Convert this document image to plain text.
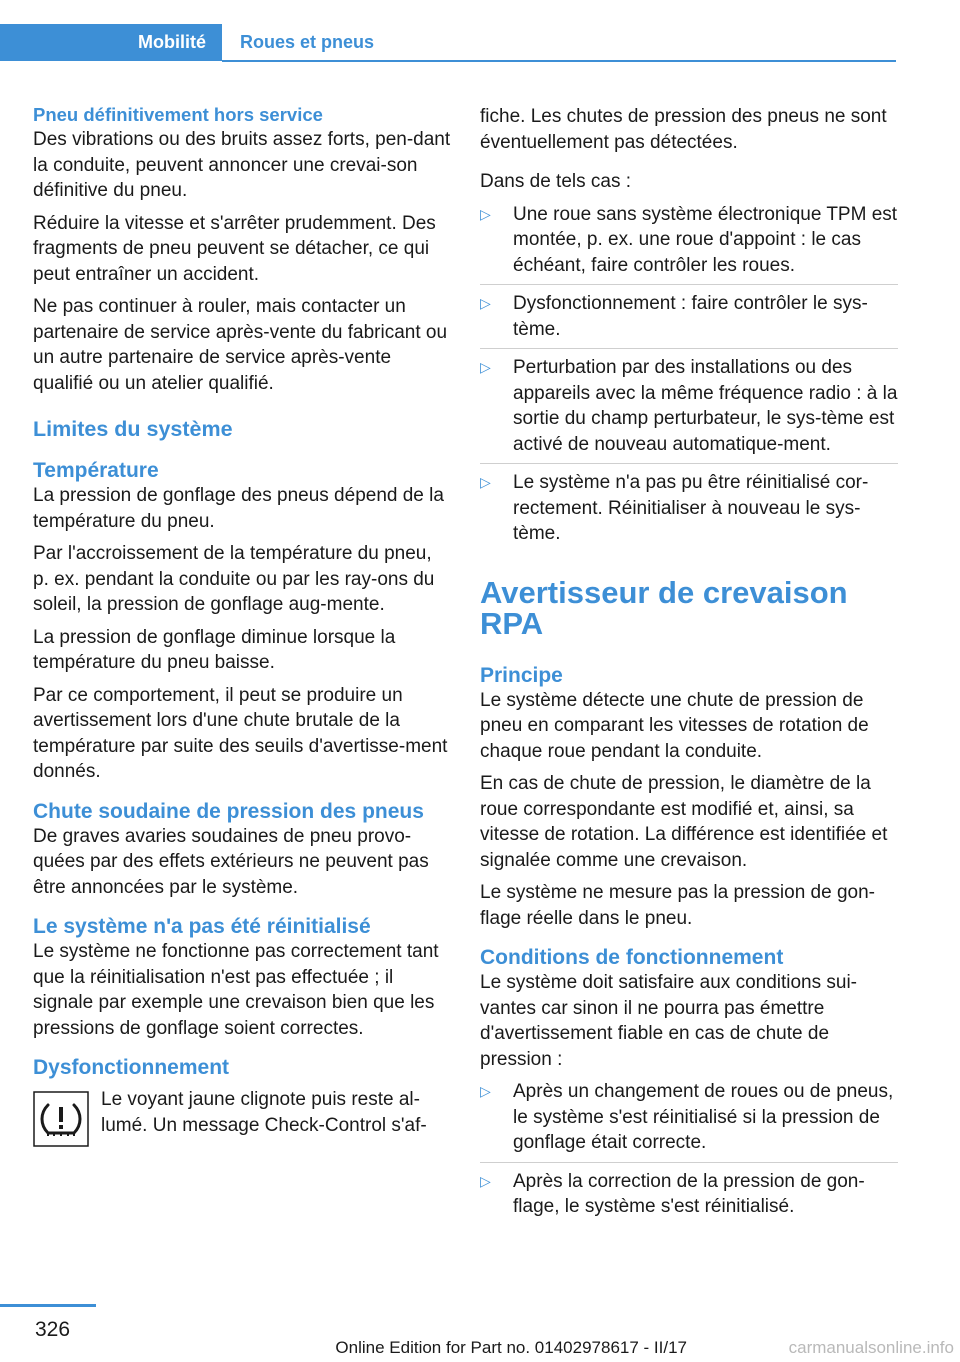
Mobilité	Roues et pneus
Pneu définitivement hors service

Des vibrations ou des bruits assez forts, pen-dant la conduite, peuvent annoncer une crevai-son définitive du pneu.

Réduire la vitesse et s'arrêter prudemment. Des fragments de pneu peuvent se détacher, ce qui peut entraîner un accident.

Ne pas continuer à rouler, mais contacter un partenaire de service après-vente du fabricant ou un autre partenaire de service après-vente qualifié ou un atelier qualifié.

Limites du système
Température

La pression de gonflage des pneus dépend de la température du pneu.

Par l'accroissement de la température du pneu, p. ex. pendant la conduite ou par les ray-ons du soleil, la pression de gonflage aug-mente.

La pression de gonflage diminue lorsque la température du pneu baisse.

Par ce comportement, il peut se produire un avertissement lors d'une chute brutale de la température par suite des seuils d'avertisse-ment donnés.

Chute soudaine de pression des pneus

De graves avaries soudaines de pneu provo-quées par des effets extérieurs ne peuvent pas être annoncées par le système.

Le système n'a pas été réinitialisé

Le système ne fonctionne pas correctement tant que la réinitialisation n'est pas effectuée ; il signale par exemple une crevaison bien que les pressions de gonflage soient correctes.

Dysfonctionnement
Le voyant jaune clignote puis reste al-lumé. Un message Check-Control s'af-

fiche. Les chutes de pression des pneus ne sont éventuellement pas détectées.

Dans de tels cas :

▷ Une roue sans système électronique TPM est montée, p. ex. une roue d'appoint : le cas échéant, faire contrôler les roues.
▷ Dysfonctionnement : faire contrôler le sys-tème.
▷ Perturbation par des installations ou des appareils avec la même fréquence radio : à la sortie du champ perturbateur, le sys-tème est activé de nouveau automatique-ment.
▷ Le système n'a pas pu être réinitialisé cor-rectement. Réinitialiser à nouveau le sys-tème.
Avertisseur de crevaison RPA
Principe

Le système détecte une chute de pression de pneu en comparant les vitesses de rotation de chaque roue pendant la conduite.

En cas de chute de pression, le diamètre de la roue correspondante est modifié et, ainsi, sa vitesse de rotation. La différence est identifiée et signalée comme une crevaison.

Le système ne mesure pas la pression de gon-flage réelle dans le pneu.

Conditions de fonctionnement

Le système doit satisfaire aux conditions sui-vantes car sinon il ne pourra pas émettre d'avertissement fiable en cas de chute de pression :

▷ Après un changement de roues ou de pneus, le système s'est réinitialisé si la pression de gonflage était correcte.
▷ Après la correction de la pression de gon-flage, le système s'est réinitialisé.
326
Online Edition for Part no. 01402978617 - II/17	carmanualsonline.info
